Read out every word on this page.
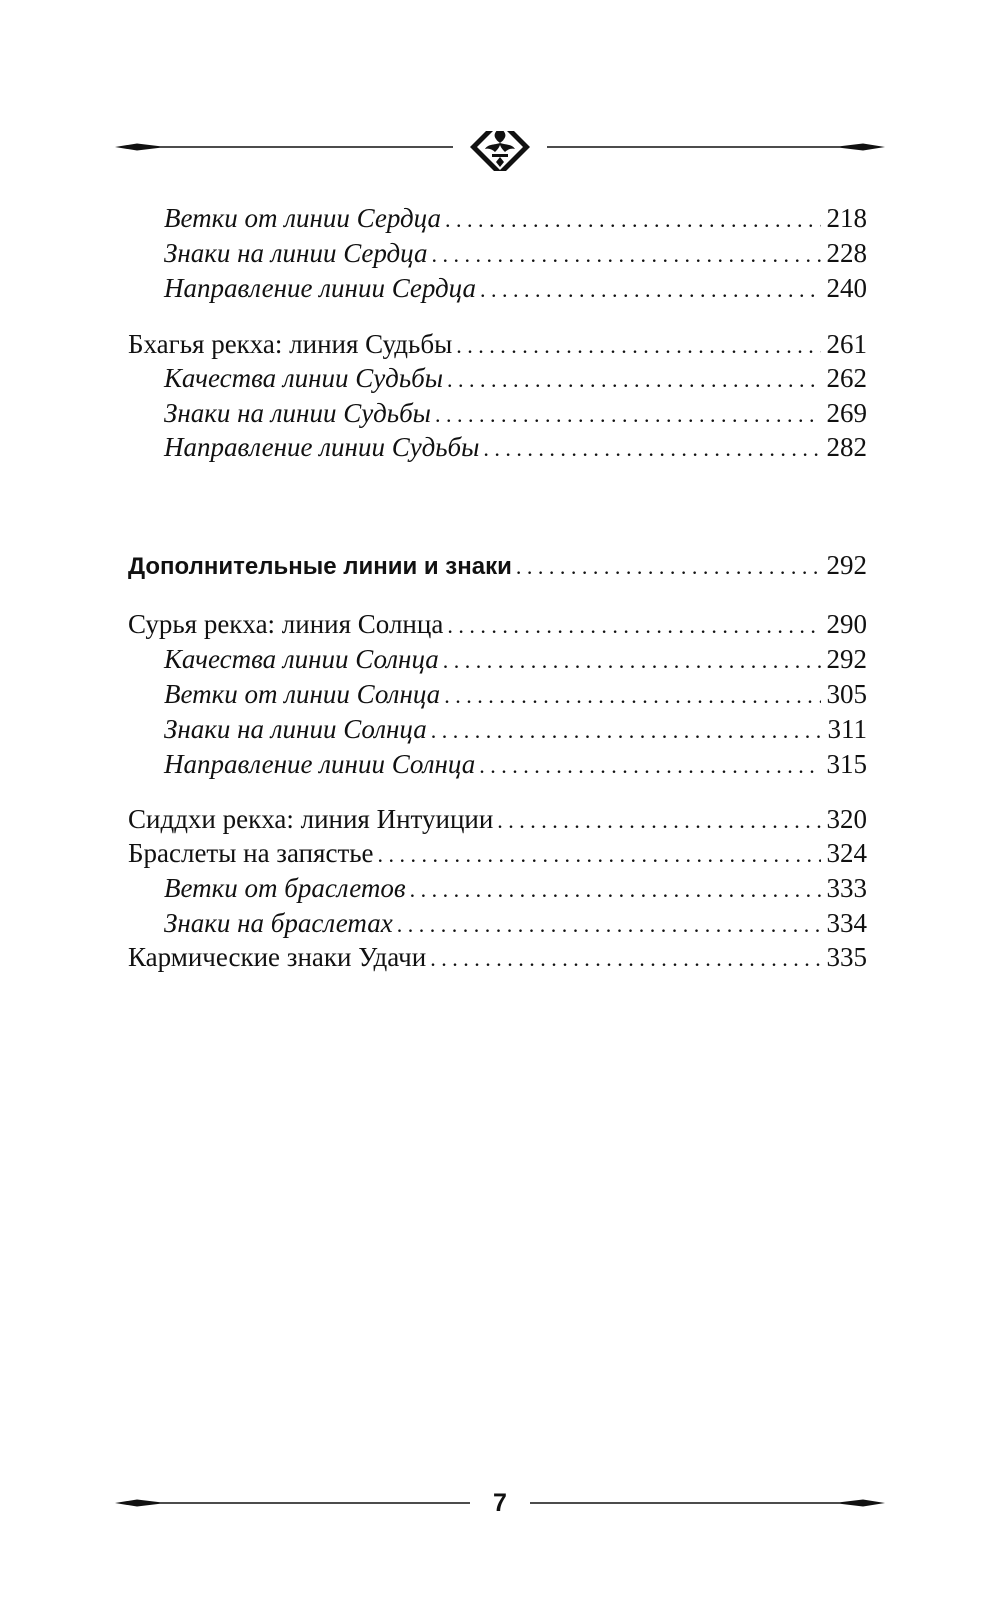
Ветки от линии Сердца . . .	218
Знаки на линии Сердца . . .	228
Направление линии Сердца . . .	240
Бхагья рекха: линия Судьбы . . .	261
Качества линии Судьбы . . .	262
Знаки на линии Судьбы . . .	269
Направление линии Судьбы . . .	282
Дополнительные линии и знаки . . .	292
Сурья рекха: линия Солнца . . .	290
Качества линии Солнца . . .	292
Ветки от линии Солнца . . .	305
Знаки на линии Солнца . . .	311
Направление линии Солнца . . .	315
Сиддхи рекха: линия Интуиции . . .	320
Браслеты на запястье . . .	324
Ветки от браслетов . . .	333
Знаки на браслетах . . .	334
Кармические знаки Удачи . . .	335
7
